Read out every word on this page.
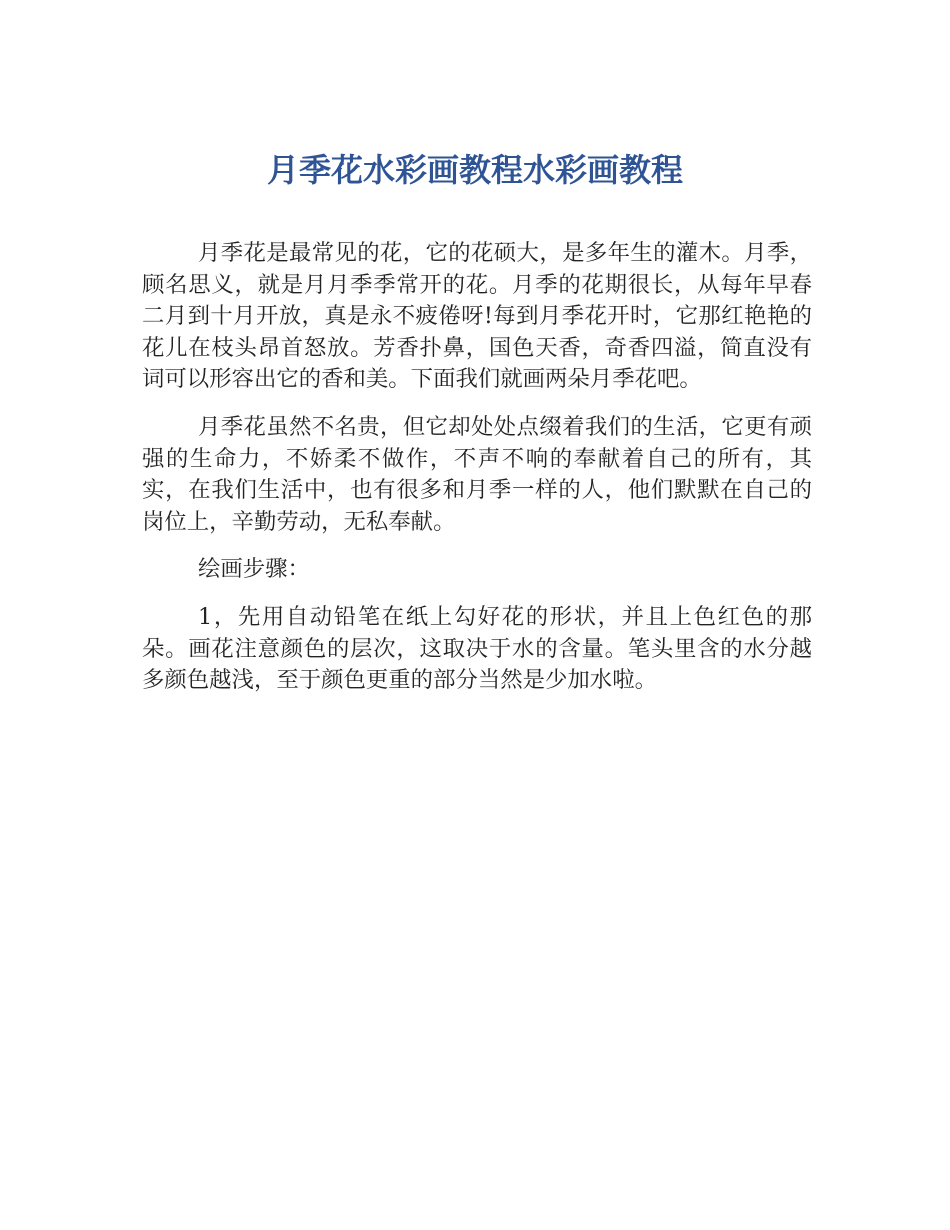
月季花水彩画教程水彩画教程

月季花是最常见的花，它的花硕大，是多年生的灌木。月季，顾名思义，就是月月季季常开的花。月季的花期很长，从每年早春二月到十月开放，真是永不疲倦呀!每到月季花开时，它那红艳艳的花儿在枝头昂首怒放。芳香扑鼻，国色天香，奇香四溢，简直没有词可以形容出它的香和美。下面我们就画两朵月季花吧。

月季花虽然不名贵，但它却处处点缀着我们的生活，它更有顽强的生命力，不娇柔不做作，不声不响的奉献着自己的所有，其实，在我们生活中，也有很多和月季一样的人，他们默默在自己的岗位上，辛勤劳动，无私奉献。

绘画步骤：

1，先用自动铅笔在纸上勾好花的形状，并且上色红色的那朵。画花注意颜色的层次，这取决于水的含量。笔头里含的水分越多颜色越浅，至于颜色更重的部分当然是少加水啦。
